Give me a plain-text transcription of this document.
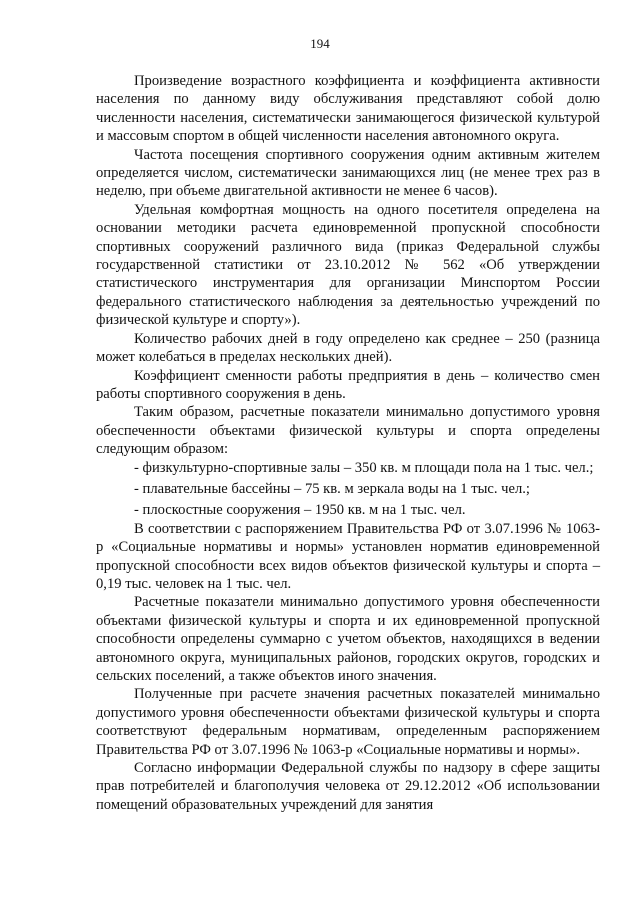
194

Произведение возрастного коэффициента и коэффициента активности населения по данному виду обслуживания представляют собой долю численности населения, систематически занимающегося физической культурой и массовым спортом в общей численности населения автономного округа.

Частота посещения спортивного сооружения одним активным жителем определяется числом, систематически занимающихся лиц (не менее трех раз в неделю, при объеме двигательной активности не менее 6 часов).

Удельная комфортная мощность на одного посетителя определена на основании методики расчета единовременной пропускной способности спортивных сооружений различного вида (приказ Федеральной службы государственной статистики от 23.10.2012 № 562 «Об утверждении статистического инструментария для организации Минспортом России федерального статистического наблюдения за деятельностью учреждений по физической культуре и спорту»).

Количество рабочих дней в году определено как среднее – 250 (разница может колебаться в пределах нескольких дней).

Коэффициент сменности работы предприятия в день – количество смен работы спортивного сооружения в день.

Таким образом, расчетные показатели минимально допустимого уровня обеспеченности объектами физической культуры и спорта определены следующим образом:

- физкультурно-спортивные залы – 350 кв. м площади пола на 1 тыс. чел.;

- плавательные бассейны – 75 кв. м зеркала воды на 1 тыс. чел.;

- плоскостные сооружения – 1950 кв. м на 1 тыс. чел.

В соответствии с распоряжением Правительства РФ от 3.07.1996 № 1063-р «Социальные нормативы и нормы» установлен норматив единовременной пропускной способности всех видов объектов физической культуры и спорта – 0,19 тыс. человек на 1 тыс. чел.

Расчетные показатели минимально допустимого уровня обеспеченности объектами физической культуры и спорта и их единовременной пропускной способности определены суммарно с учетом объектов, находящихся в ведении автономного округа, муниципальных районов, городских округов, городских и сельских поселений, а также объектов иного значения.

Полученные при расчете значения расчетных показателей минимально допустимого уровня обеспеченности объектами физической культуры и спорта соответствуют федеральным нормативам, определенным распоряжением Правительства РФ от 3.07.1996 № 1063-р «Социальные нормативы и нормы».

Согласно информации Федеральной службы по надзору в сфере защиты прав потребителей и благополучия человека от 29.12.2012 «Об использовании помещений образовательных учреждений для занятия
